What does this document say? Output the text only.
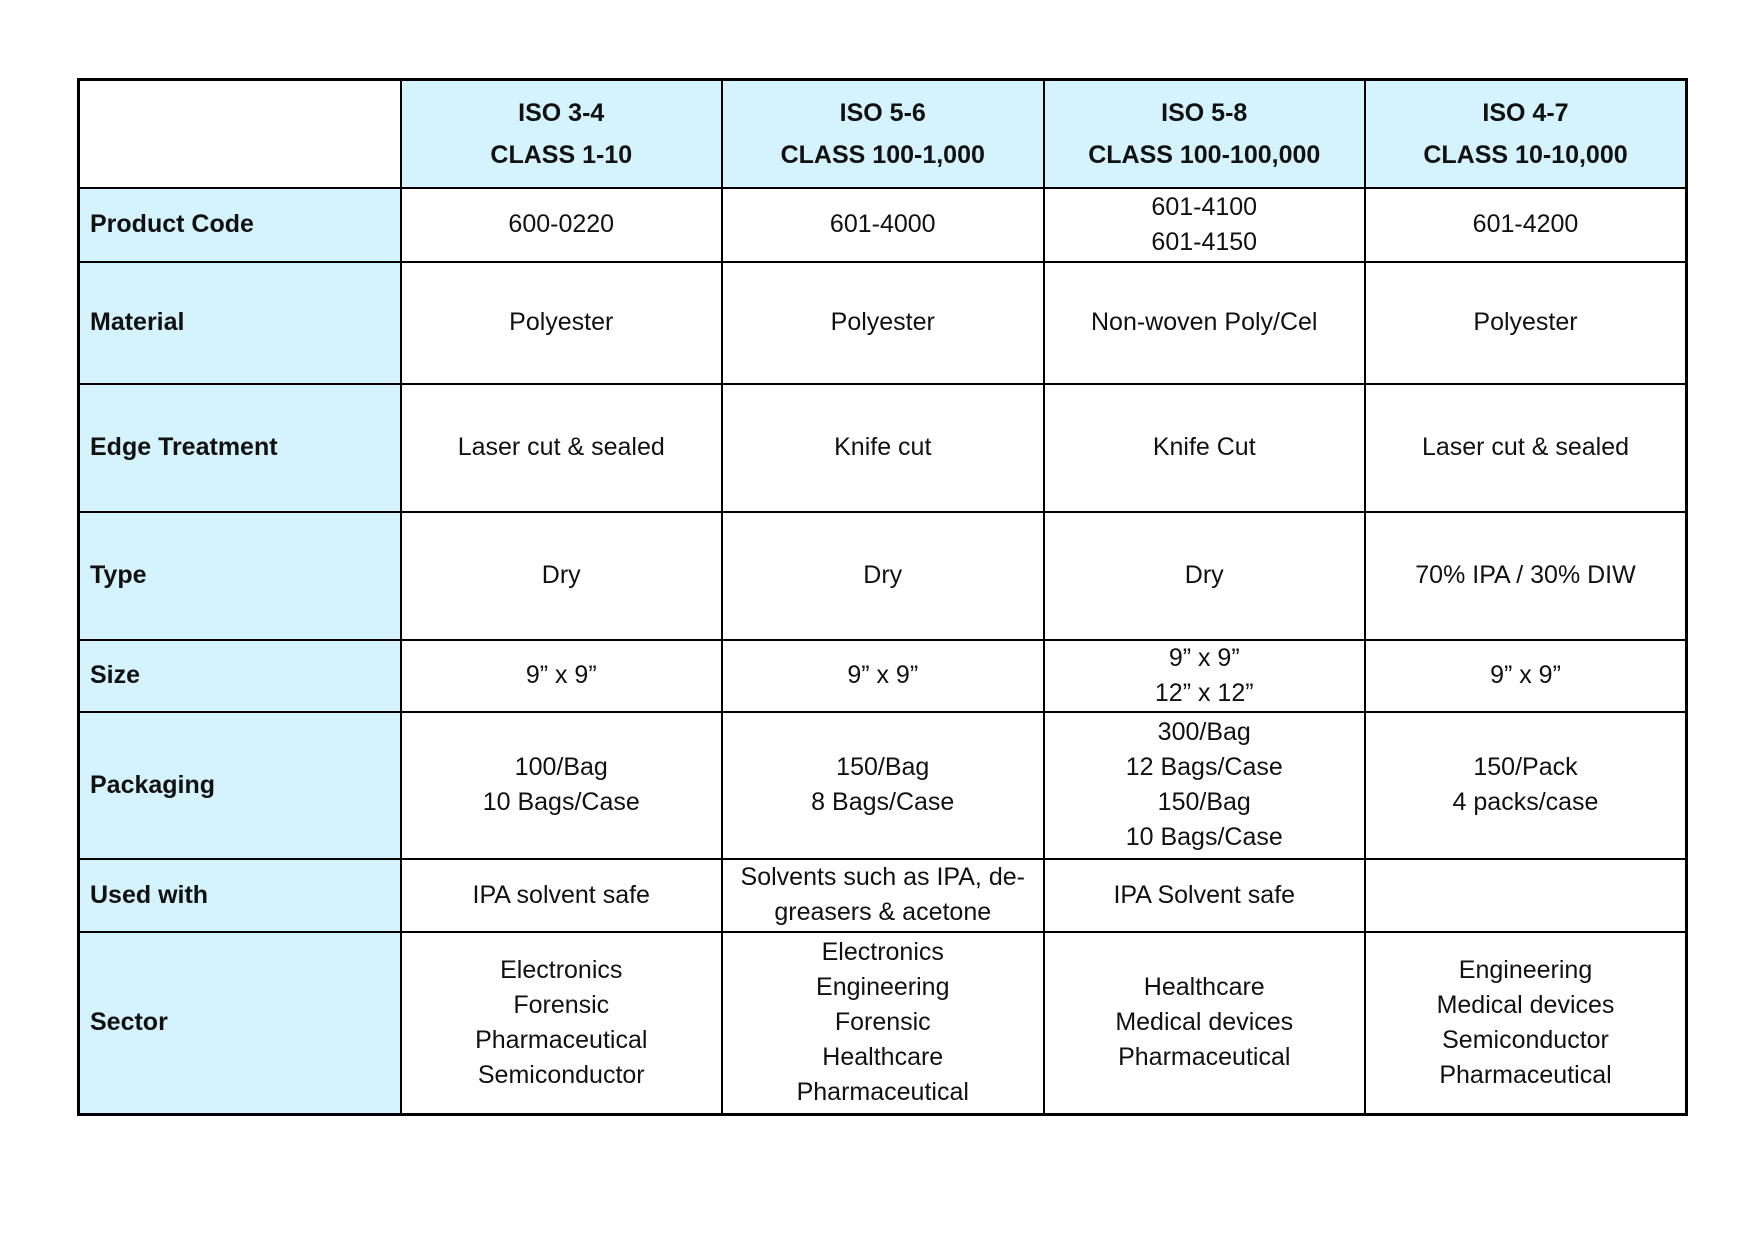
	ISO 3-4
CLASS 1-10	ISO 5-6
CLASS 100-1,000	ISO 5-8
CLASS 100-100,000	ISO 4-7
CLASS 10-10,000

Product Code	600-0220	601-4000	601-4100
601-4150	601-4200

Material	Polyester	Polyester	Non-woven Poly/Cel	Polyester

Edge Treatment	Laser cut & sealed	Knife cut	Knife Cut	Laser cut & sealed

Type	Dry	Dry	Dry	70% IPA / 30% DIW

Size	9” x 9”	9” x 9”	9” x 9”
12” x 12”	9” x 9”

Packaging	100/Bag
10 Bags/Case	150/Bag
8 Bags/Case	300/Bag
12 Bags/Case
150/Bag
10 Bags/Case	150/Pack
4 packs/case

Used with	IPA solvent safe	Solvents such as IPA, de-
greasers & acetone	IPA Solvent safe	

Sector	Electronics
Forensic
Pharmaceutical
Semiconductor	Electronics
Engineering
Forensic
Healthcare
Pharmaceutical	Healthcare
Medical devices
Pharmaceutical	Engineering
Medical devices
Semiconductor
Pharmaceutical
